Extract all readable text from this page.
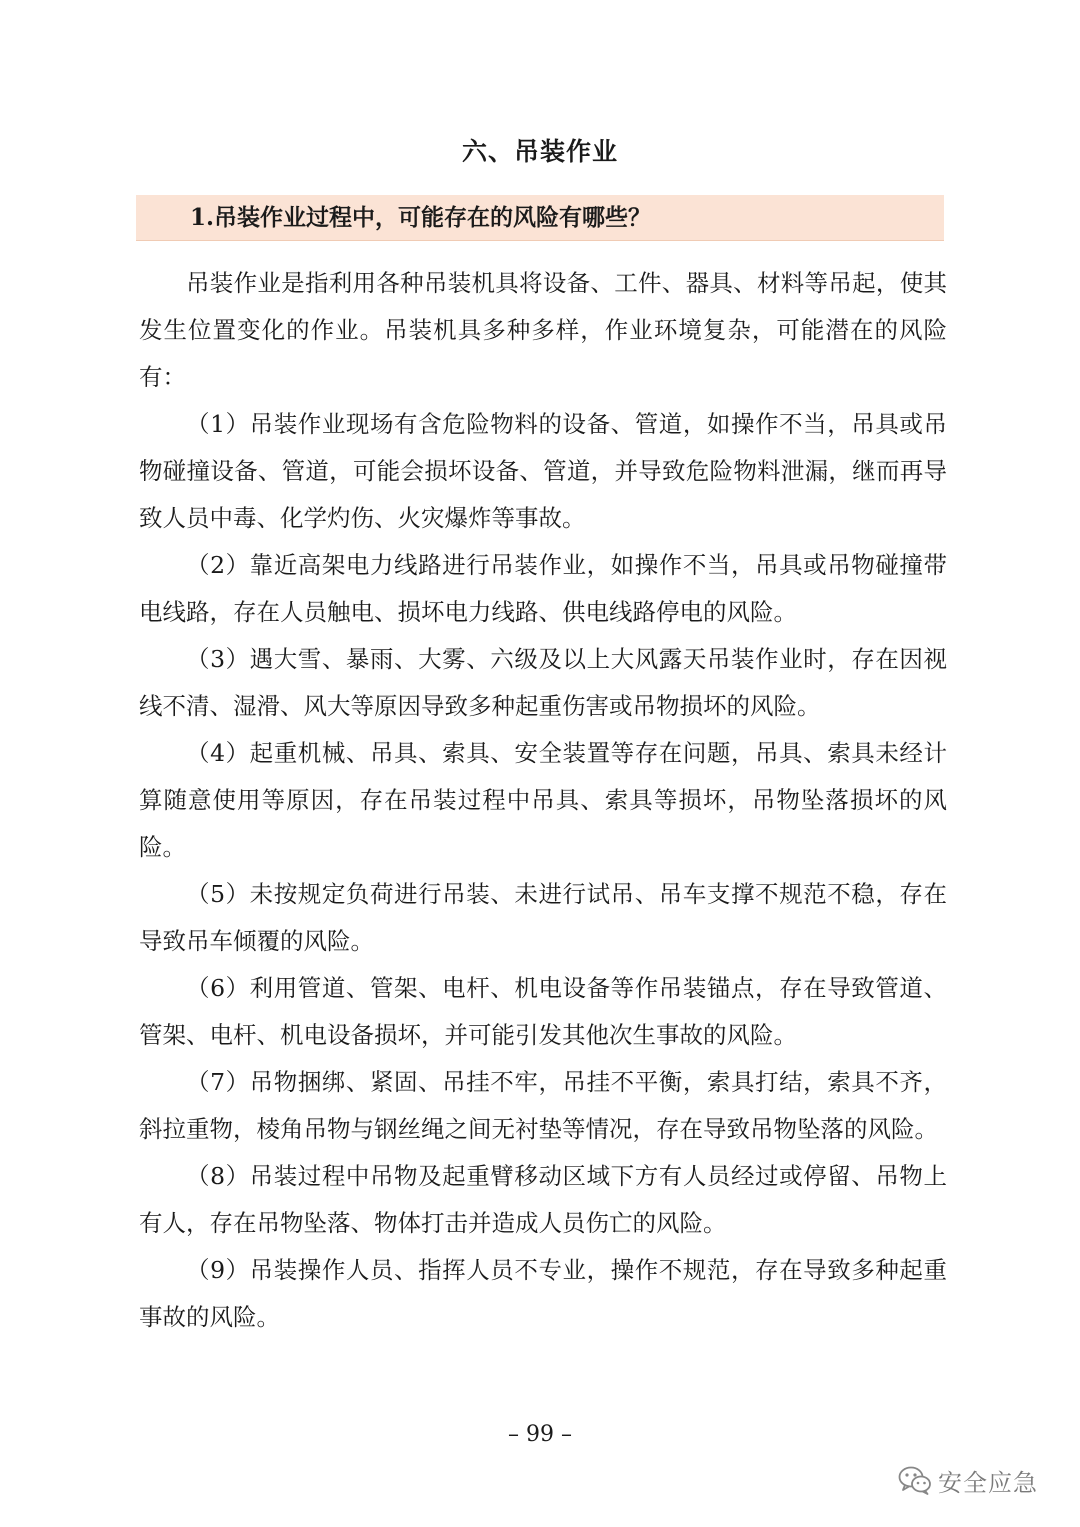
六、吊装作业
1.吊装作业过程中，可能存在的风险有哪些？

吊装作业是指利用各种吊装机具将设备、工件、器具、材料等吊起，使其发生位置变化的作业。吊装机具多种多样，作业环境复杂，可能潜在的风险有：

（1）吊装作业现场有含危险物料的设备、管道，如操作不当，吊具或吊物碰撞设备、管道，可能会损坏设备、管道，并导致危险物料泄漏，继而再导致人员中毒、化学灼伤、火灾爆炸等事故。

（2）靠近高架电力线路进行吊装作业，如操作不当，吊具或吊物碰撞带电线路，存在人员触电、损坏电力线路、供电线路停电的风险。

（3）遇大雪、暴雨、大雾、六级及以上大风露天吊装作业时，存在因视线不清、湿滑、风大等原因导致多种起重伤害或吊物损坏的风险。

（4）起重机械、吊具、索具、安全装置等存在问题，吊具、索具未经计算随意使用等原因，存在吊装过程中吊具、索具等损坏，吊物坠落损坏的风险。

（5）未按规定负荷进行吊装、未进行试吊、吊车支撑不规范不稳，存在导致吊车倾覆的风险。

（6）利用管道、管架、电杆、机电设备等作吊装锚点，存在导致管道、管架、电杆、机电设备损坏，并可能引发其他次生事故的风险。

（7）吊物捆绑、紧固、吊挂不牢，吊挂不平衡，索具打结，索具不齐，斜拉重物，棱角吊物与钢丝绳之间无衬垫等情况，存在导致吊物坠落的风险。

（8）吊装过程中吊物及起重臂移动区域下方有人员经过或停留、吊物上有人，存在吊物坠落、物体打击并造成人员伤亡的风险。

（9）吊装操作人员、指挥人员不专业，操作不规范，存在导致多种起重事故的风险。

– 99 –
安全应急
